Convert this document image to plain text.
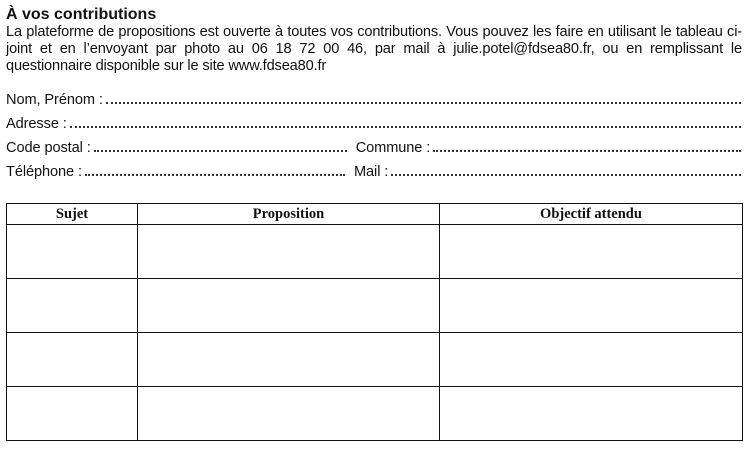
À vos contributions

La plateforme de propositions est ouverte à toutes vos contributions. Vous pouvez les faire en utilisant le tableau ci-joint et en l’envoyant par photo au 06 18 72 00 46, par mail à julie.potel@fdsea80.fr, ou en remplissant le questionnaire disponible sur le site www.fdsea80.fr

Nom, Prénom :
Adresse :
Code postal :	Commune :
Téléphone :	Mail :
Sujet	Proposition	Objectif attendu
